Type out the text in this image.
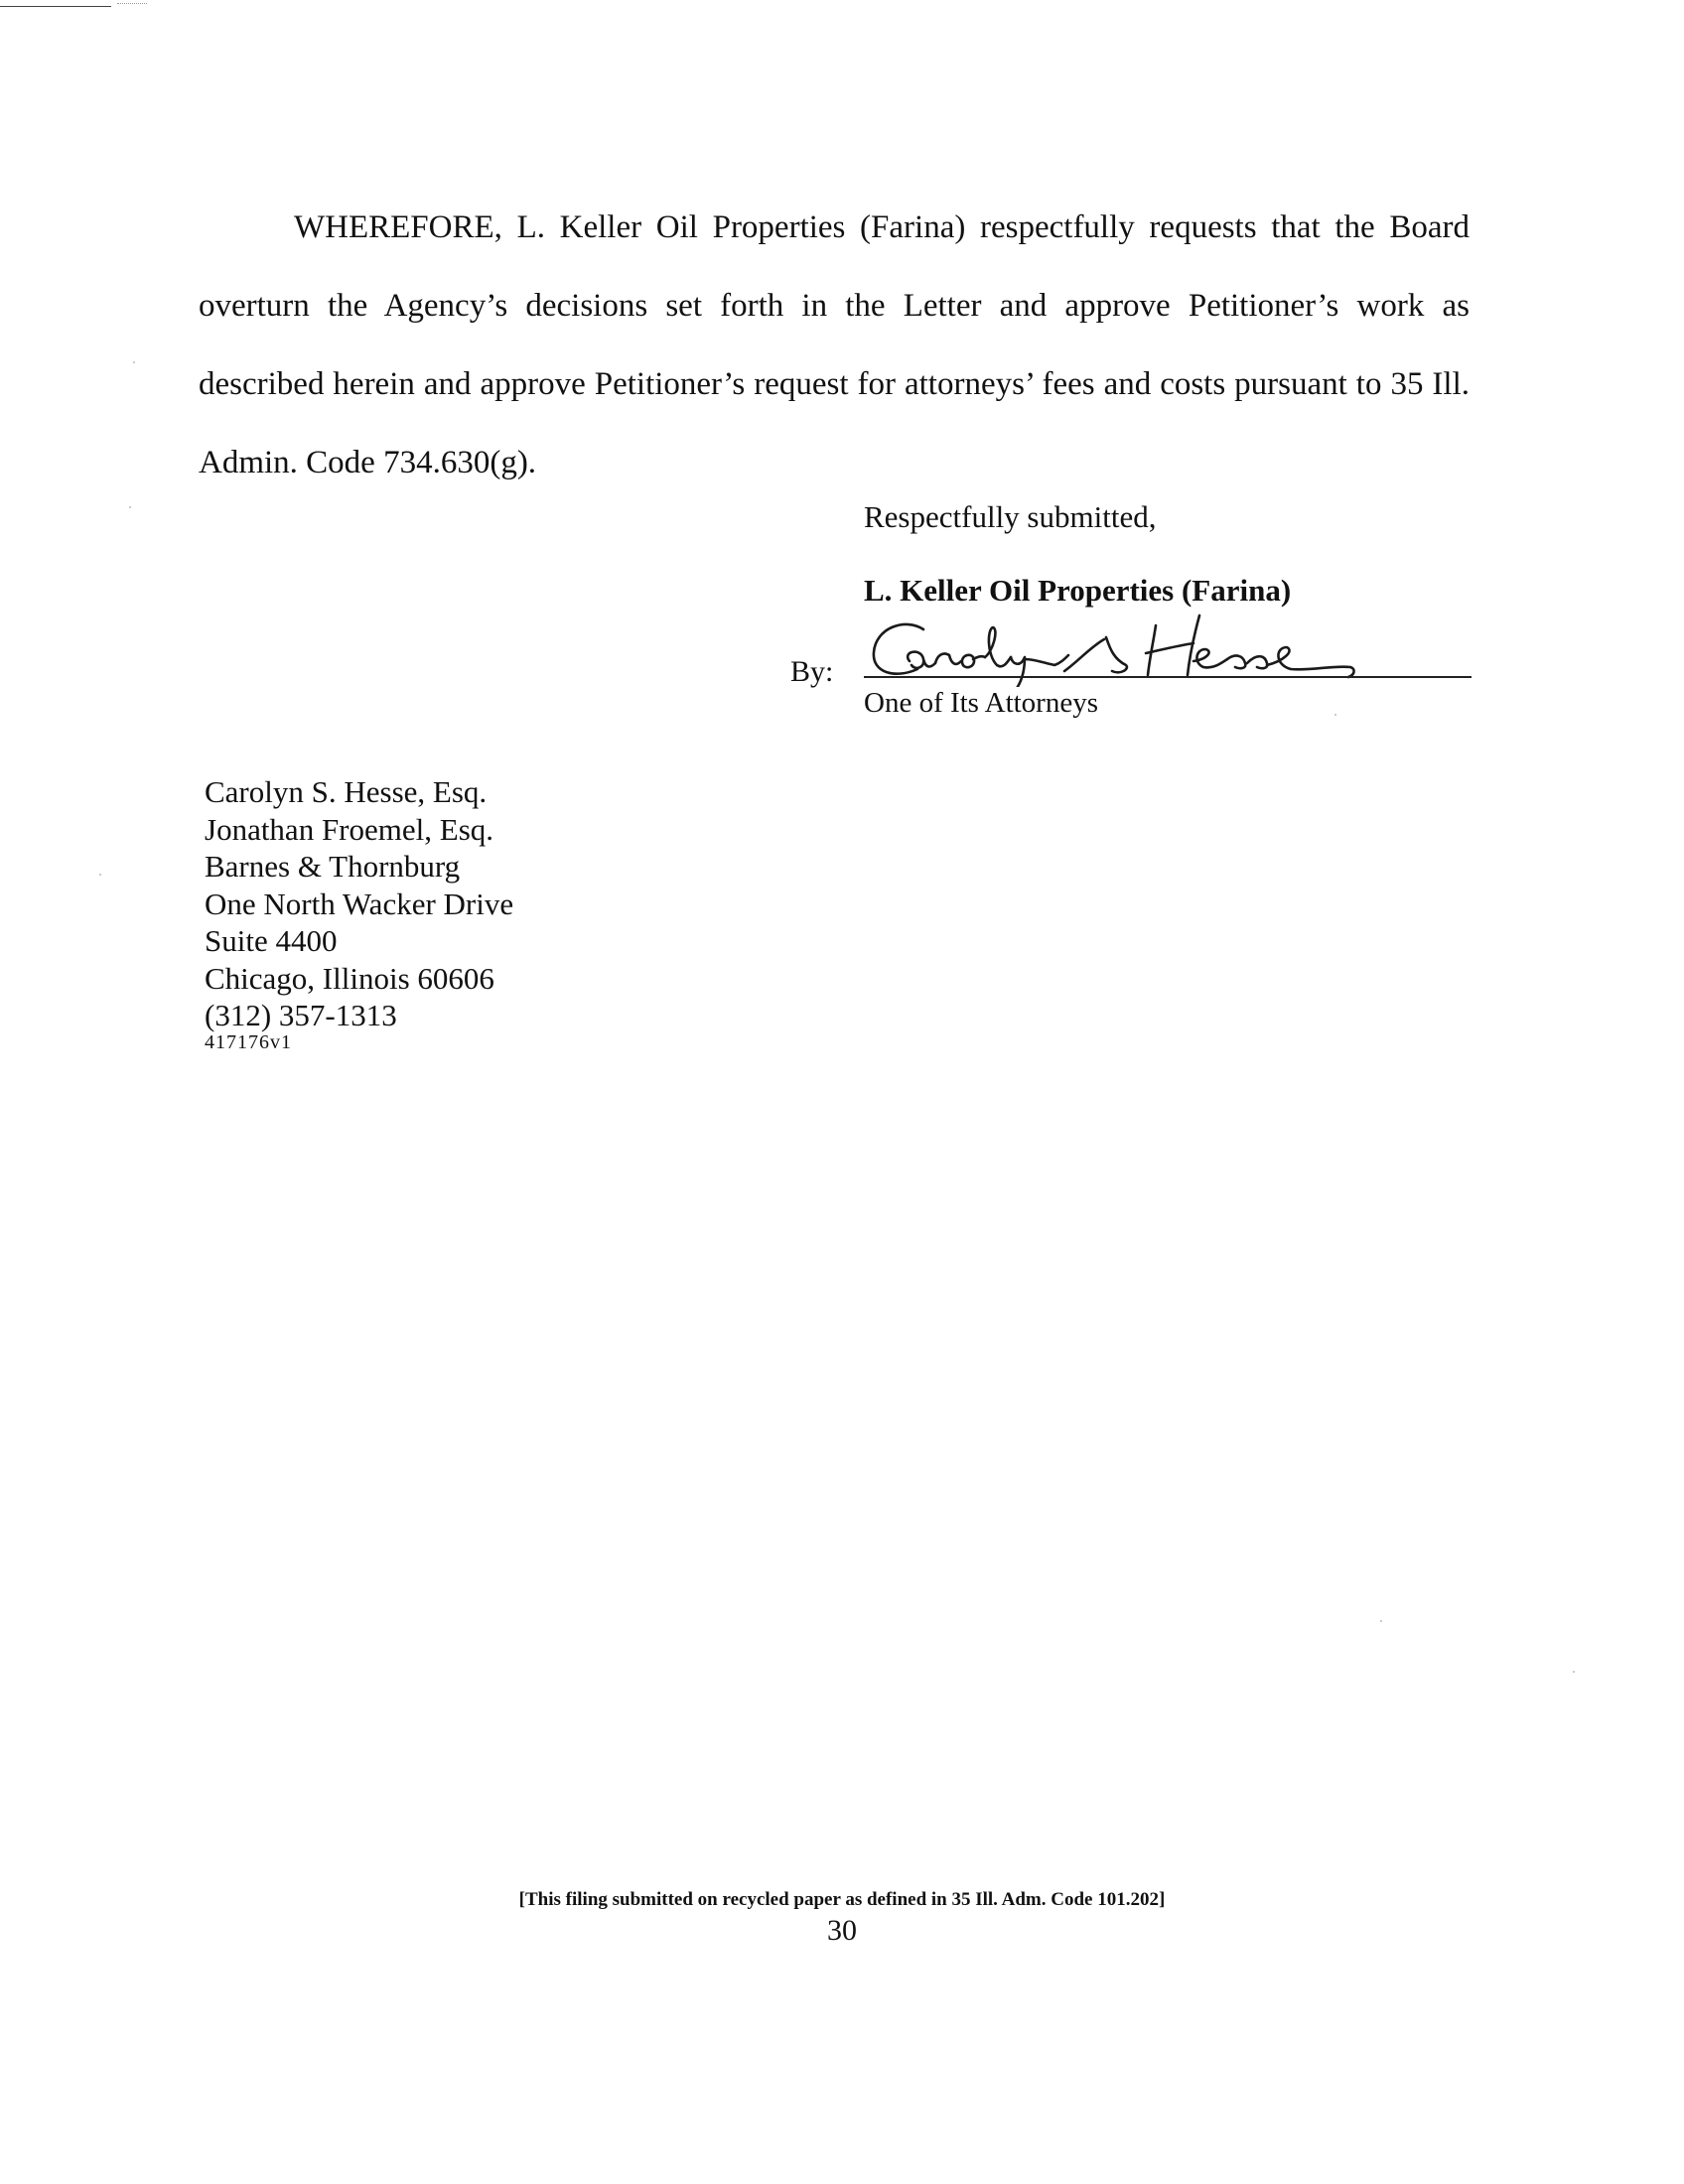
WHEREFORE, L. Keller Oil Properties (Farina) respectfully requests that the Board
overturn the Agency’s decisions set forth in the Letter and approve Petitioner’s work as
described herein and approve Petitioner’s request for attorneys’ fees and costs pursuant to 35 Ill.
Admin. Code 734.630(g).
Respectfully submitted,
L. Keller Oil Properties (Farina)
By:
One of Its Attorneys
Carolyn S. Hesse, Esq.
Jonathan Froemel, Esq.
Barnes & Thornburg
One North Wacker Drive
Suite 4400
Chicago, Illinois 60606
(312) 357-1313
417176v1
[This filing submitted on recycled paper as defined in 35 Ill. Adm. Code 101.202]
30
